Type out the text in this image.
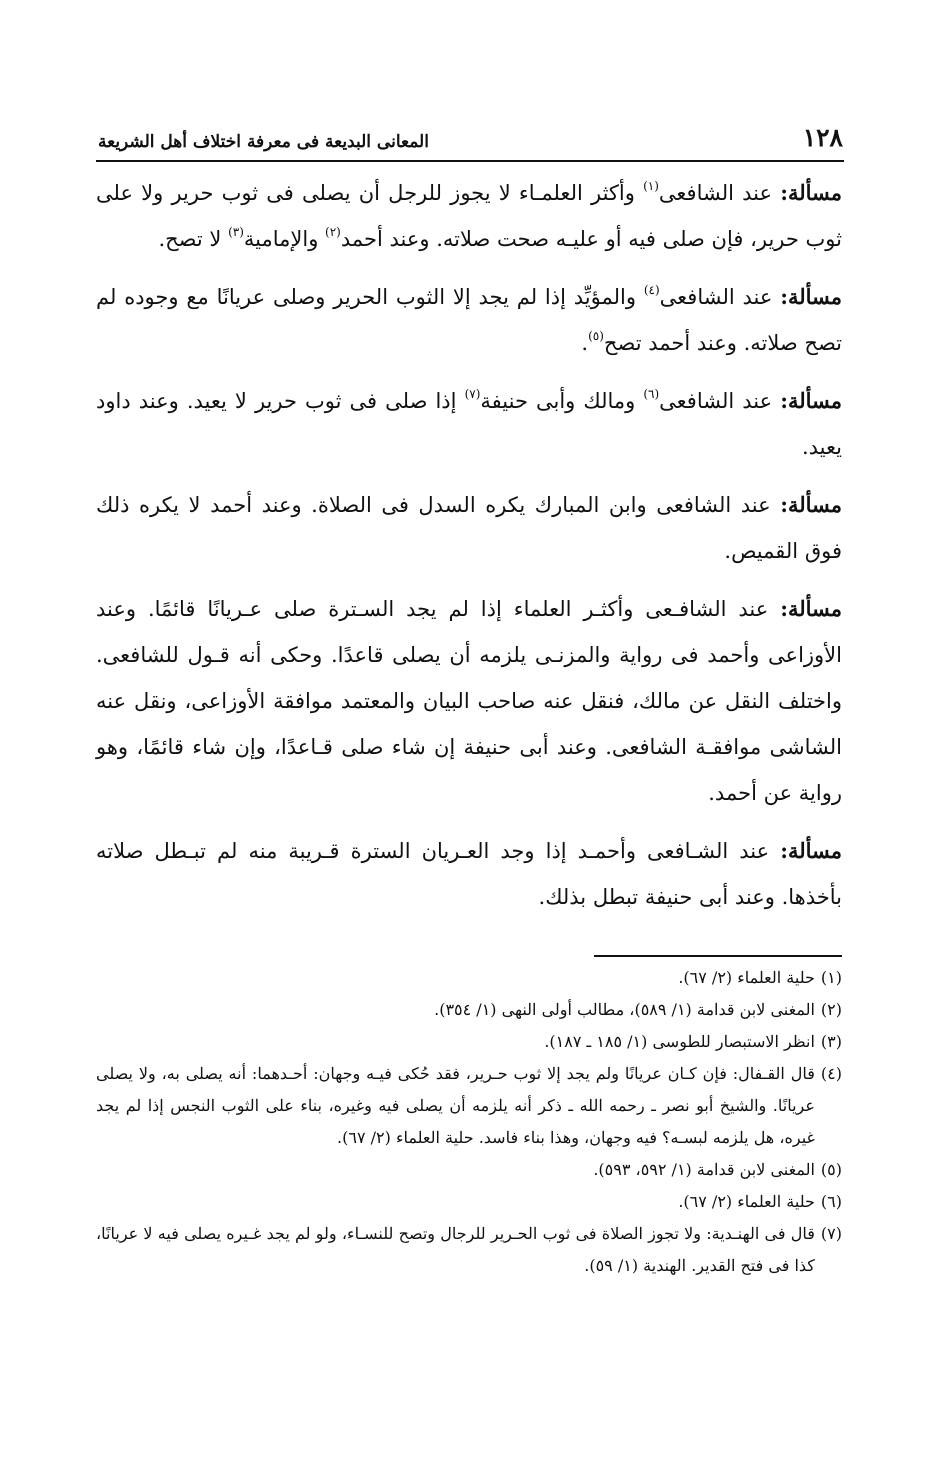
١٢٨
المعانى البديعة فى معرفة اختلاف أهل الشريعة

مسألة: عند الشافعى$^{(١)}$ وأكثر العلمـاء لا يجوز للرجل أن يصلى فى ثوب حرير ولا على ثوب حرير، فإن صلى فيه أو عليـه صحت صلاته. وعند أحمد$^{(٢)}$ والإمامية$^{(٣)}$ لا تصح.

مسألة: عند الشافعى$^{(٤)}$ والمؤيِّد إذا لم يجد إلا الثوب الحرير وصلى عريانًا مع وجوده لم تصح صلاته. وعند أحمد تصح$^{(٥)}$.

مسألة: عند الشافعى$^{(٦)}$ ومالك وأبى حنيفة$^{(٧)}$ إذا صلى فى ثوب حرير لا يعيد. وعند داود يعيد.

مسألة: عند الشافعى وابن المبارك يكره السدل فى الصلاة. وعند أحمد لا يكره ذلك فوق القميص.

مسألة: عند الشافـعى وأكثـر العلماء إذا لم يجد السـترة صلى عـريانًا قائمًا. وعند الأوزاعى وأحمد فى رواية والمزنـى يلزمه أن يصلى قاعدًا. وحكى أنه قـول للشافعى. واختلف النقل عن مالك، فنقل عنه صاحب البيان والمعتمد موافقة الأوزاعى، ونقل عنه الشاشى موافقـة الشافعى. وعند أبى حنيفة إن شاء صلى قـاعدًا، وإن شاء قائمًا، وهو رواية عن أحمد.

مسألة: عند الشـافعى وأحمـد إذا وجد العـريان السترة قـريبة منه لم تبـطل صلاته بأخذها. وعند أبى حنيفة تبطل بذلك.

(١)
حلية العلماء (٢/ ٦٧).
(٢)
المغنى لابن قدامة (١/ ٥٨٩)، مطالب أولى النهى (١/ ٣٥٤).
(٣)
انظر الاستبصار للطوسى (١/ ١٨٥ ـ ١٨٧).
(٤)
قال القـفال: فإن كـان عريانًا ولم يجد إلا ثوب حـرير، فقد حُكى فيـه وجهان: أحـدهما: أنه يصلى به، ولا يصلى عريانًا. والشيخ أبو نصر ـ رحمه الله ـ ذكر أنه يلزمه أن يصلى فيه وغيره، بناء على الثوب النجس إذا لم يجد غيره، هل يلزمه لبسـه؟ فيه وجهان، وهذا بناء فاسد. حلية العلماء (٢/ ٦٧).
(٥)
المغنى لابن قدامة (١/ ٥٩٢، ٥٩٣).
(٦)
حلية العلماء (٢/ ٦٧).
(٧)
قال فى الهنـدية: ولا تجوز الصلاة فى ثوب الحـرير للرجال وتصح للنسـاء، ولو لم يجد غـيره يصلى فيه لا عريانًا، كذا فى فتح القدير. الهندية (١/ ٥٩).
